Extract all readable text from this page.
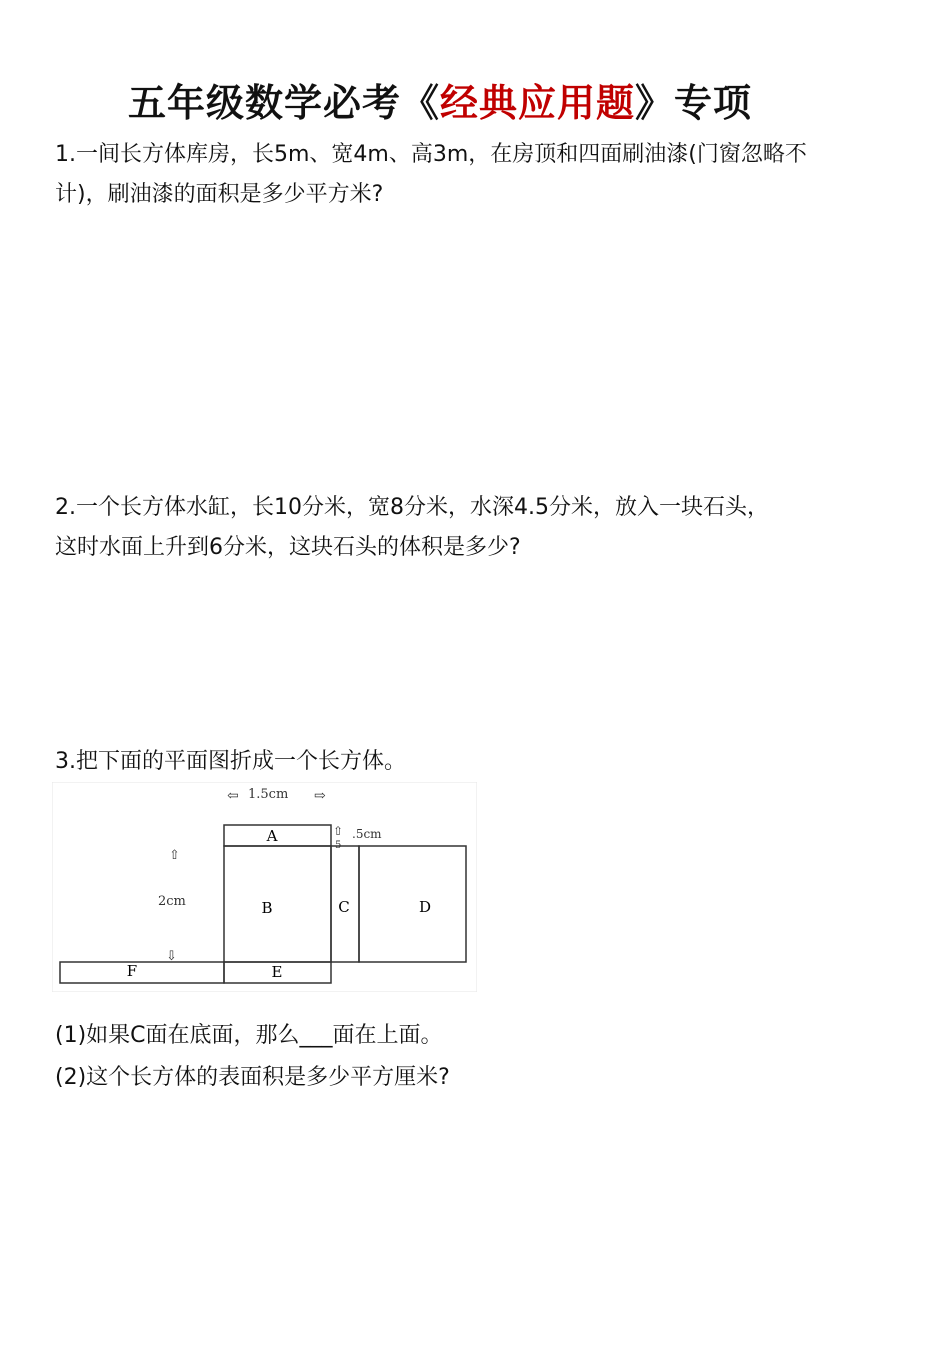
五年级数学必考《经典应用题》专项

1.一间长方体库房，长5m、宽4m、高3m，在房顶和四面刷油漆(门窗忽略不

计)，刷油漆的面积是多少平方米?

2.一个长方体水缸，长10分米，宽8分米，水深4.5分米，放入一块石头，

这时水面上升到6分米，这块石头的体积是多少?

3.把下面的平面图折成一个长方体。

A
B	C	D
E
F
⇦ 1.5cm ⇨
⇧ .5cm
5
⇧
2cm
⇩
(1)如果C面在底面，那么___面在上面。
(2)这个长方体的表面积是多少平方厘米?
